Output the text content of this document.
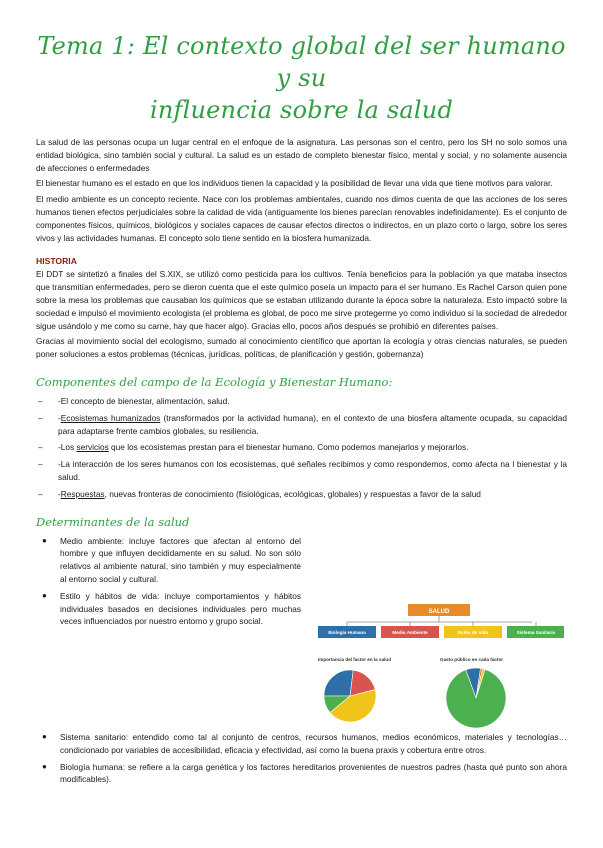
Tema 1: El contexto global del ser humano y su
influencia sobre la salud

La salud de las personas ocupa un lugar central en el enfoque de la asignatura. Las personas son el centro, pero los SH no solo somos una entidad biológica, sino también social y cultural. La salud es un estado de completo bienestar físico, mental y social, y no solamente ausencia de afecciones o enfermedades

El bienestar humano es el estado en que los individuos tienen la capacidad y la posibilidad de llevar una vida que tiene motivos para valorar.

El medio ambiente es un concepto reciente. Nace con los problemas ambientales, cuando nos dimos cuenta de que las acciones de los seres humanos tienen efectos perjudiciales sobre la calidad de vida (antiguamente los bienes parecían renovables indefinidamente). Es el conjunto de componentes físicos, químicos, biológicos y sociales capaces de causar efectos directos o indirectos, en un plazo corto o largo, sobre los seres vivos y las actividades humanas. El concepto solo tiene sentido en la biosfera humanizada.

HISTORIA

El DDT se sintetizó a finales del S.XIX, se utilizó como pesticida para los cultivos. Tenía beneficios para la población ya que mataba insectos que transmitían enfermedades, pero se dieron cuenta que el este químico poseía un impacto para el ser humano. Es Rachel Carson quien pone sobre la mesa los problemas que causaban los químicos que se estaban utilizando durante la época sobre la naturaleza. Esto impactó sobre la sociedad e impulsó el movimiento ecologista (el problema es global, de poco me sirve protegerme yo como individuo si la sociedad de alrededor sigue usándolo y me como su carne, hay que hacer algo). Gracias ello, pocos años después se prohibió en diferentes países.

Gracias al movimiento social del ecologismo, sumado al conocimiento científico que aportan la ecología y otras ciencias naturales, se pueden poner soluciones a estos problemas (técnicas, jurídicas, políticas, de planificación y gestión, gobernanza)

Componentes del campo de la Ecología y Bienestar Humano:
– -El concepto de bienestar, alimentación, salud.
– -Ecosistemas humanizados (transformados por la actividad humana), en el contexto de una biosfera altamente ocupada, su capacidad para adaptarse frente cambios globales, su resiliencia.
– -Los servicios que los ecosistemas prestan para el bienestar humano. Como podemos manejarlos y mejorarlos.
– -La interacción de los seres humanos con los ecosistemas, qué señales recibimos y como respondemos, como afecta na l bienestar y la salud.
– -Respuestas, nuevas fronteras de conocimiento (fisiológicas, ecológicas, globales) y respuestas a favor de la salud
Determinantes de la salud
● Medio ambiente: incluye factores que afectan al entorno del hombre y que influyen decididamente en su salud. No son sólo relativos al ambiente natural, sino también y muy especialmente al entorno social y cultural.
● Estilo y hábitos de vida: incluye comportamientos y hábitos individuales basados en decisiones individuales pero muchas veces influenciados por nuestro entorno y grupo social.
SALUD
Biología Humana	Medio Ambiente	Estilo de Vida	Sistema Sanitario
Importancia del factor en la salud	Gasto público en cada factor
● Sistema sanitario: entendido como tal al conjunto de centros, recursos humanos, medios económicos, materiales y tecnologías…condicionado por variables de accesibilidad, eficacia y efectividad, así como la buena praxis y cobertura entre otros.
● Biología humana: se refiere a la carga genética y los factores hereditarios provenientes de nuestros padres (hasta qué punto son ahora modificables).
